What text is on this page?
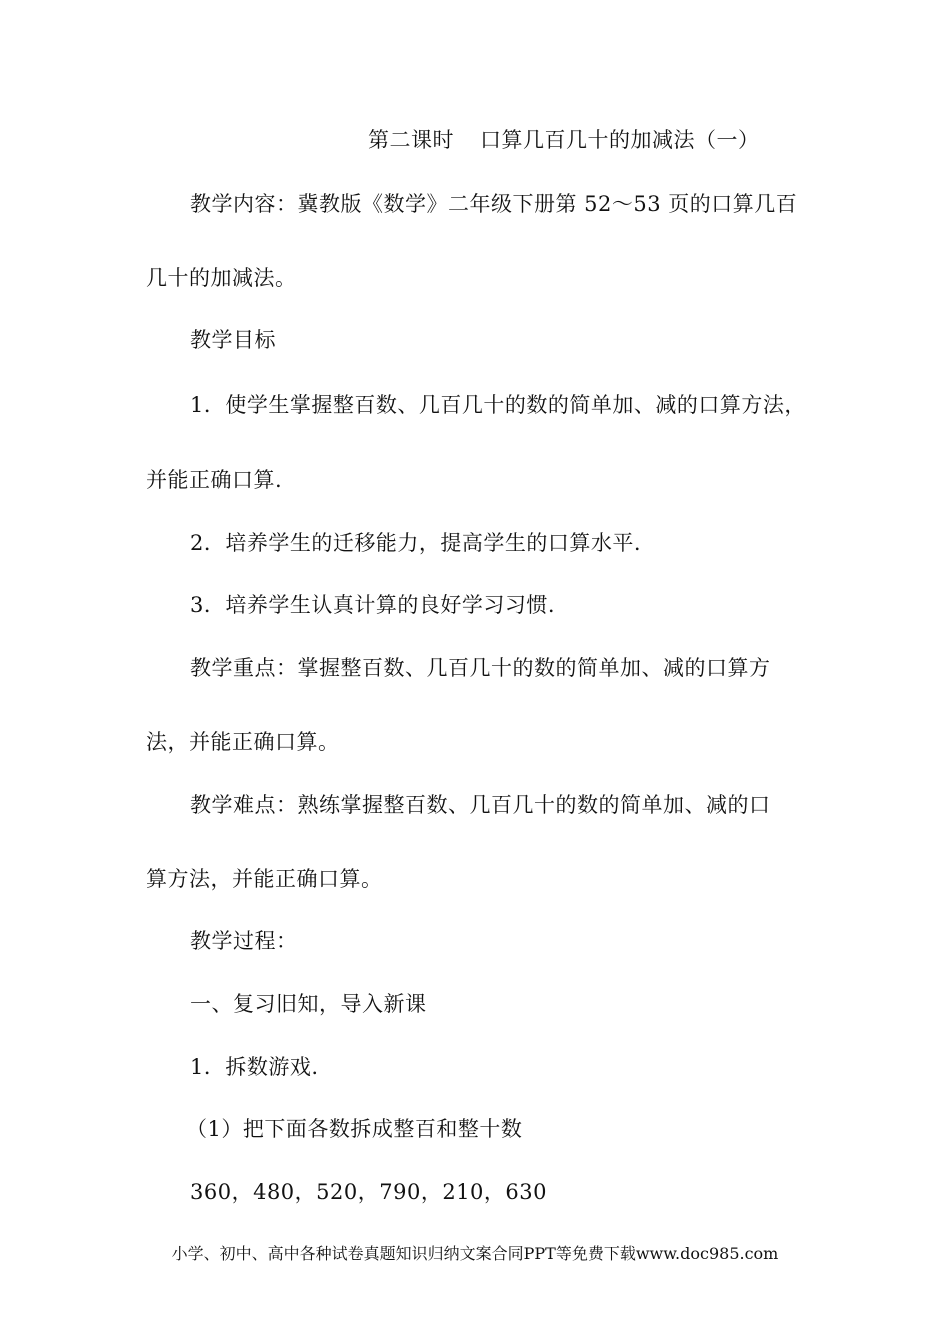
第二课时 口算几百几十的加减法（一）
教学内容：冀教版《数学》二年级下册第 52～53 页的口算几百
几十的加减法。
教学目标
1．使学生掌握整百数、几百几十的数的简单加、减的口算方法，
并能正确口算.
2．培养学生的迁移能力，提高学生的口算水平.
3．培养学生认真计算的良好学习习惯.
教学重点：掌握整百数、几百几十的数的简单加、减的口算方
法，并能正确口算。
教学难点：熟练掌握整百数、几百几十的数的简单加、减的口
算方法，并能正确口算。
教学过程：
一、复习旧知，导入新课
1．拆数游戏.
（1）把下面各数拆成整百和整十数
360，480，520，790，210，630
小学、初中、高中各种试卷真题知识归纳文案合同PPT等免费下载www.doc985.com
